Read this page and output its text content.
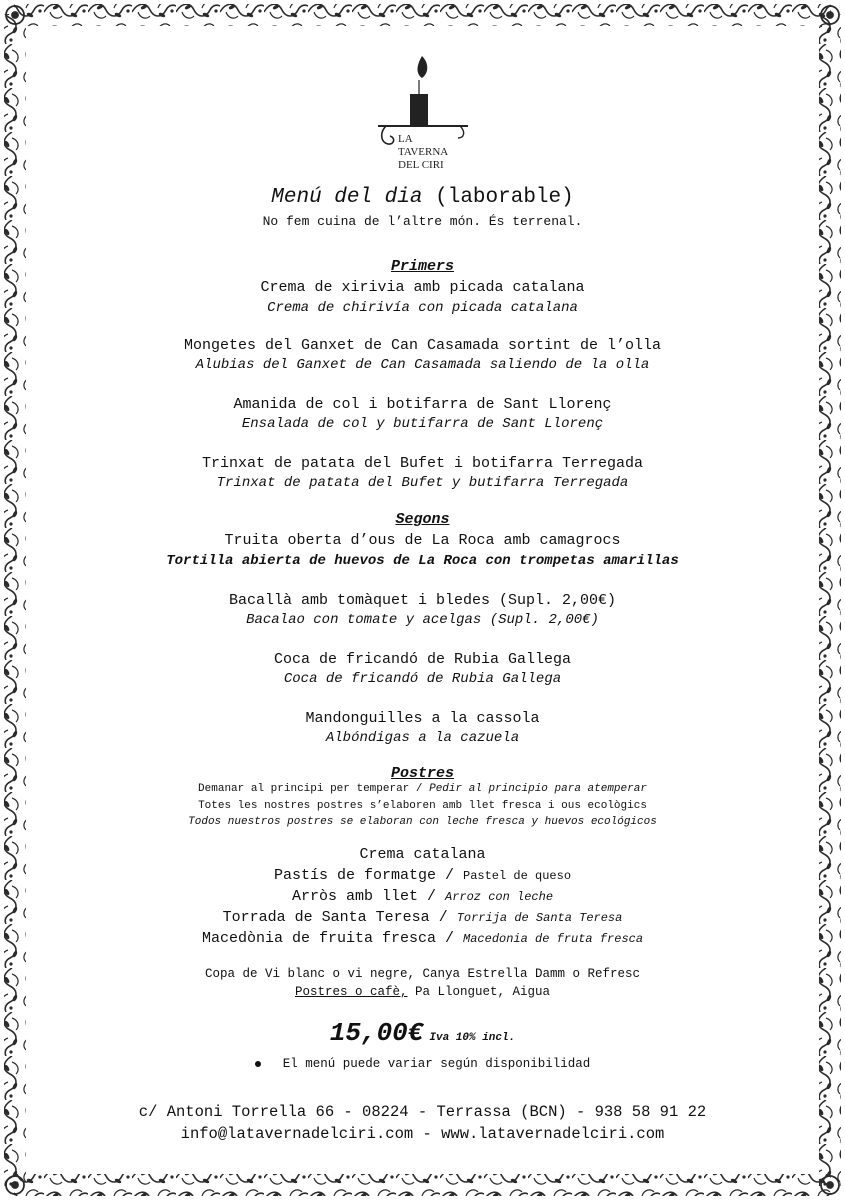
LA
TAVERNA
DEL CIRI
Menú del dia (laborable)
No fem cuina de l’altre món. És terrenal.
Primers
Crema de xirivia amb picada catalana
Crema de chirivía con picada catalana
Mongetes del Ganxet de Can Casamada sortint de l’olla
Alubias del Ganxet de Can Casamada saliendo de la olla
Amanida de col i botifarra de Sant Llorenç
Ensalada de col y butifarra de Sant Llorenç
Trinxat de patata del Bufet i botifarra Terregada
Trinxat de patata del Bufet y butifarra Terregada
Segons
Truita oberta d’ous de La Roca amb camagrocs
Tortilla abierta de huevos de La Roca con trompetas amarillas
Bacallà amb tomàquet i bledes (Supl. 2,00€)
Bacalao con tomate y acelgas (Supl. 2,00€)
Coca de fricandó de Rubia Gallega
Coca de fricandó de Rubia Gallega
Mandonguilles a la cassola
Albóndigas a la cazuela
Postres
Demanar al principi per temperar / Pedir al principio para atemperar
Totes les nostres postres s’elaboren amb llet fresca i ous ecològics
Todos nuestros postres se elaboran con leche fresca y huevos ecológicos
Crema catalana
Pastís de formatge / Pastel de queso
Arròs amb llet / Arroz con leche
Torrada de Santa Teresa / Torrija de Santa Teresa
Macedònia de fruita fresca / Macedonia de fruta fresca
Copa de Vi blanc o vi negre, Canya Estrella Damm o Refresc
Postres o cafè, Pa Llonguet, Aigua
15,00€ Iva 10% incl.
El menú puede variar según disponibilidad
c/ Antoni Torrella 66 - 08224 - Terrassa (BCN) - 938 58 91 22
info@latavernadelciri.com - www.latavernadelciri.com
